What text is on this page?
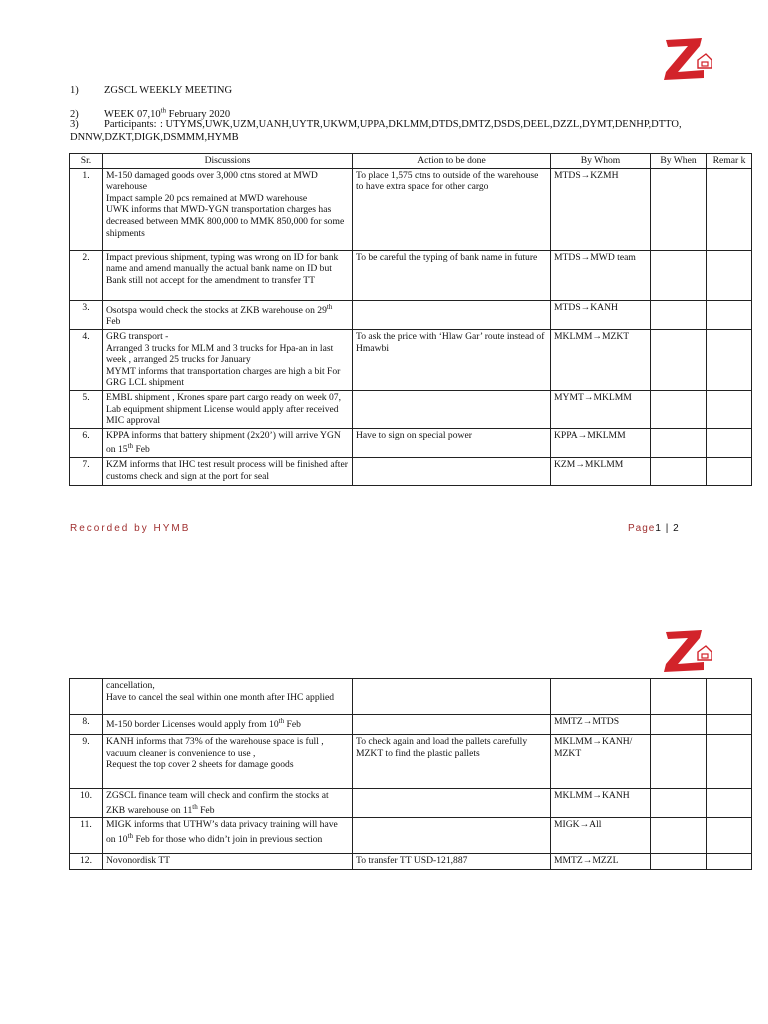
1) ZGSCL WEEKLY MEETING
2) WEEK 07,10th February 2020
3) Participants: : UTYMS,UWK,UZM,UANH,UYTR,UKWM,UPPA,DKLMM,DTDS,DMTZ,DSDS,DEEL,DZZL,DYMT,DENHP,DTTO,
DNNW,DZKT,DIGK,DSMMM,HYMB
Sr.	Discussions	Action to be done	By Whom	By When	Remar k
1.	M-150 damaged goods over 3,000 ctns stored at MWD warehouse
Impact sample 20 pcs remained at MWD warehouse
UWK informs that MWD-YGN transportation charges has decreased between MMK 800,000 to MMK 850,000 for some shipments	To place 1,575 ctns to outside of the warehouse to have extra space for other cargo	MTDS→KZMH		
2.	Impact previous shipment, typing was wrong on ID for bank name and amend manually the actual bank name on ID but Bank still not accept for the amendment to transfer TT	To be careful the typing of bank name in future	MTDS→MWD team		
3.	Osotspa would check the stocks at ZKB warehouse on 29th Feb		MTDS→KANH		
4.	GRG transport -
Arranged 3 trucks for MLM and 3 trucks for Hpa-an in last week , arranged 25 trucks for January
MYMT informs that transportation charges are high a bit For GRG LCL shipment	To ask the price with ‘Hlaw Gar’ route instead of Hmawbi	MKLMM→MZKT		
5.	EMBL shipment , Krones spare part cargo ready on week 07, Lab equipment shipment License would apply after received MIC approval		MYMT→MKLMM		
6.	KPPA informs that battery shipment (2x20’) will arrive YGN on 15th Feb	Have to sign on special power	KPPA→MKLMM		
7.	KZM informs that IHC test result process will be finished after customs check and sign at the port for seal		KZM→MKLMM		
Recorded by HYMB	Page1 | 2

	cancellation,
Have to cancel the seal within one month after IHC applied				

8.	M-150 border Licenses would apply from 10th Feb		MMTZ→MTDS		
9.	KANH informs that 73% of the warehouse space is full , vacuum cleaner is convenience to use ,
Request the top cover 2 sheets for damage goods	To check again and load the pallets carefully
MZKT to find the plastic pallets	MKLMM→KANH/ MZKT		
10.	ZGSCL finance team will check and confirm the stocks at ZKB warehouse on 11th Feb		MKLMM→KANH		
11.	MIGK informs that UTHW’s data privacy training will have on 10th Feb for those who didn’t join in previous section		MIGK→All		
12.	Novonordisk TT	To transfer TT USD-121,887	MMTZ→MZZL		
